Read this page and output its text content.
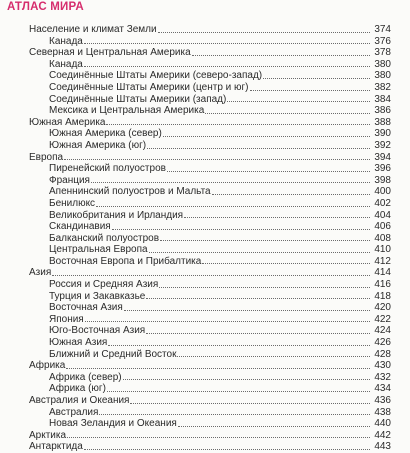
АТЛАС МИРА
Население и климат Земли	374
Канада	376
Северная и Центральная Америка	378
Канада	380
Соединённые Штаты Америки (северо-запад)	380
Соединённые Штаты Америки (центр и юг)	382
Соединённые Штаты Америки (запад)	384
Мексика и Центральная Америка	386
Южная Америка	388
Южная Америка (север)	390
Южная Америка (юг)	392
Европа	394
Пиренейский полуостров	396
Франция	398
Апеннинский полуостров и Мальта	400
Бенилюкс	402
Великобритания и Ирландия	404
Скандинавия	406
Балканский полуостров	408
Центральная Европа	410
Восточная Европа и Прибалтика	412
Азия	414
Россия и Средняя Азия	416
Турция и Закавказье	418
Восточная Азия	420
Япония	422
Юго-Восточная Азия	424
Южная Азия	426
Ближний и Средний Восток	428
Африка	430
Африка (север)	432
Африка (юг)	434
Австралия и Океания	436
Австралия	438
Новая Зеландия и Океания	440
Арктика	442
Антарктида	443
